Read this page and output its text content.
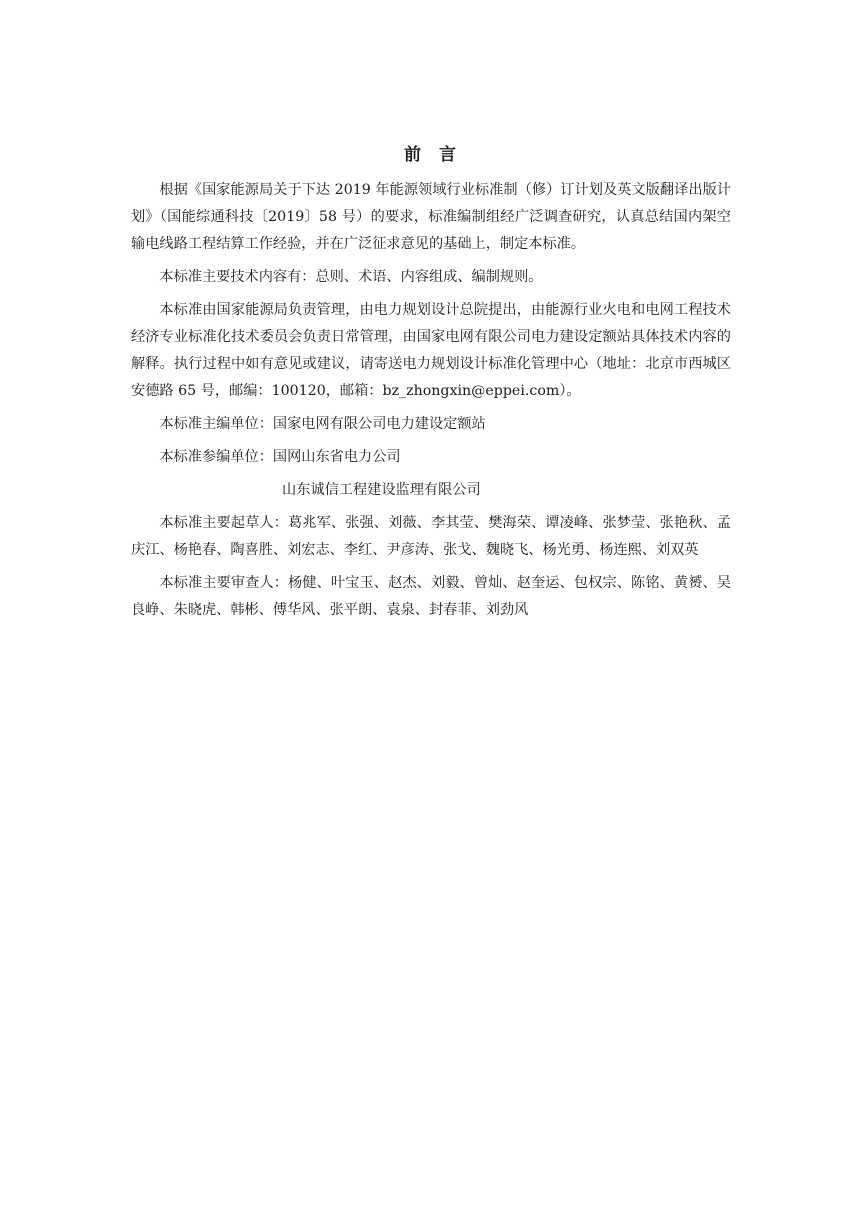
前言

根据《国家能源局关于下达 2019 年能源领域行业标准制（修）订计划及英文版翻译出版计划》（国能综通科技〔2019〕58 号）的要求，标准编制组经广泛调查研究，认真总结国内架空输电线路工程结算工作经验，并在广泛征求意见的基础上，制定本标准。

本标准主要技术内容有：总则、术语、内容组成、编制规则。

本标准由国家能源局负责管理，由电力规划设计总院提出，由能源行业火电和电网工程技术经济专业标准化技术委员会负责日常管理，由国家电网有限公司电力建设定额站具体技术内容的解释。执行过程中如有意见或建议，请寄送电力规划设计标准化管理中心（地址：北京市西城区安德路 65 号，邮编：100120，邮箱：bz_zhongxin@eppei.com）。

本标准主编单位：国家电网有限公司电力建设定额站

本标准参编单位：国网山东省电力公司

山东诚信工程建设监理有限公司

本标准主要起草人：葛兆军、张强、刘薇、李其莹、樊海荣、谭凌峰、张梦莹、张艳秋、孟庆江、杨艳春、陶喜胜、刘宏志、李红、尹彦涛、张戈、魏晓飞、杨光勇、杨连熙、刘双英

本标准主要审查人：杨健、叶宝玉、赵杰、刘毅、曾灿、赵奎运、包权宗、陈铭、黄赟、吴良峥、朱晓虎、韩彬、傅华风、张平朗、袁泉、封春菲、刘劲风
